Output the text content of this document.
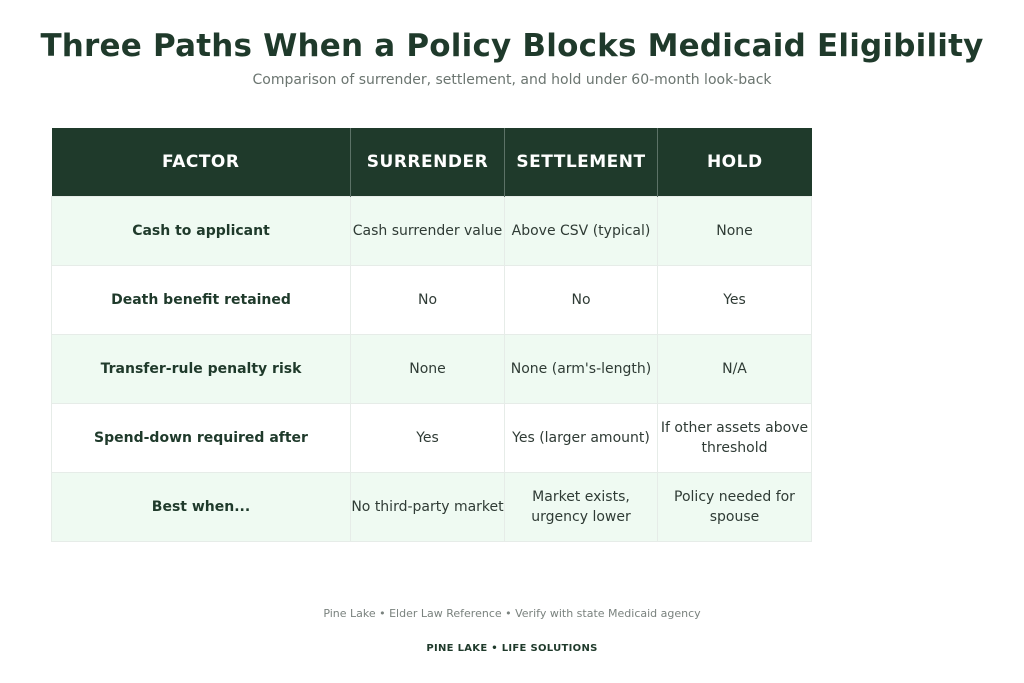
Three Paths When a Policy Blocks Medicaid Eligibility
Comparison of surrender, settlement, and hold under 60-month look-back
FACTOR	SURRENDER	SETTLEMENT	HOLD
Cash to applicant	Cash surrender value	Above CSV (typical)	None
Death benefit retained	No	No	Yes
Transfer-rule penalty risk	None	None (arm's-length)	N/A
Spend-down required after	Yes	Yes (larger amount)	If other assets above threshold
Best when...	No third-party market	Market exists, urgency lower	Policy needed for spouse
Pine Lake • Elder Law Reference • Verify with state Medicaid agency
PINE LAKE • LIFE SOLUTIONS
